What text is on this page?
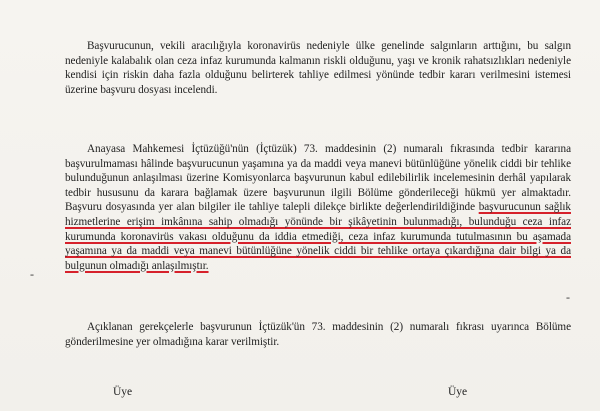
Başvurucunun, vekili aracılığıyla koronavirüs nedeniyle ülke genelinde salgınların arttığını, bu salgın nedeniyle kalabalık olan ceza infaz kurumunda kalmanın riskli olduğunu, yaşı ve kronik rahatsızlıkları nedeniyle kendisi için riskin daha fazla olduğunu belirterek tahliye edilmesi yönünde tedbir kararı verilmesini istemesi üzerine başvuru dosyası incelendi.

Anayasa Mahkemesi İçtüzüğü'nün (İçtüzük) 73. maddesinin (2) numaralı fıkrasında tedbir kararına başvurulmaması hâlinde başvurucunun yaşamına ya da maddi veya manevi bütünlüğüne yönelik ciddi bir tehlike bulunduğunun anlaşılması üzerine Komisyonlarca başvurunun kabul edilebilirlik incelemesinin derhâl yapılarak tedbir hususunu da karara bağlamak üzere başvurunun ilgili Bölüme gönderileceği hükmü yer almaktadır. Başvuru dosyasında yer alan bilgiler ile tahliye talepli dilekçe birlikte değerlendirildiğinde başvurucunun sağlık hizmetlerine erişim imkânına sahip olmadığı yönünde bir şikâyetinin bulunmadığı, bulunduğu ceza infaz kurumunda koronavirüs vakası olduğunu da iddia etmediği, ceza infaz kurumunda tutulmasının bu aşamada yaşamına ya da maddi veya manevi bütünlüğüne yönelik ciddi bir tehlike ortaya çıkardığına dair bilgi ya da bulgunun olmadığı anlaşılmıştır.

Açıklanan gerekçelerle başvurunun İçtüzük'ün 73. maddesinin (2) numaralı fıkrası uyarınca Bölüme gönderilmesine yer olmadığına karar verilmiştir.

-
-
Üye	Üye
